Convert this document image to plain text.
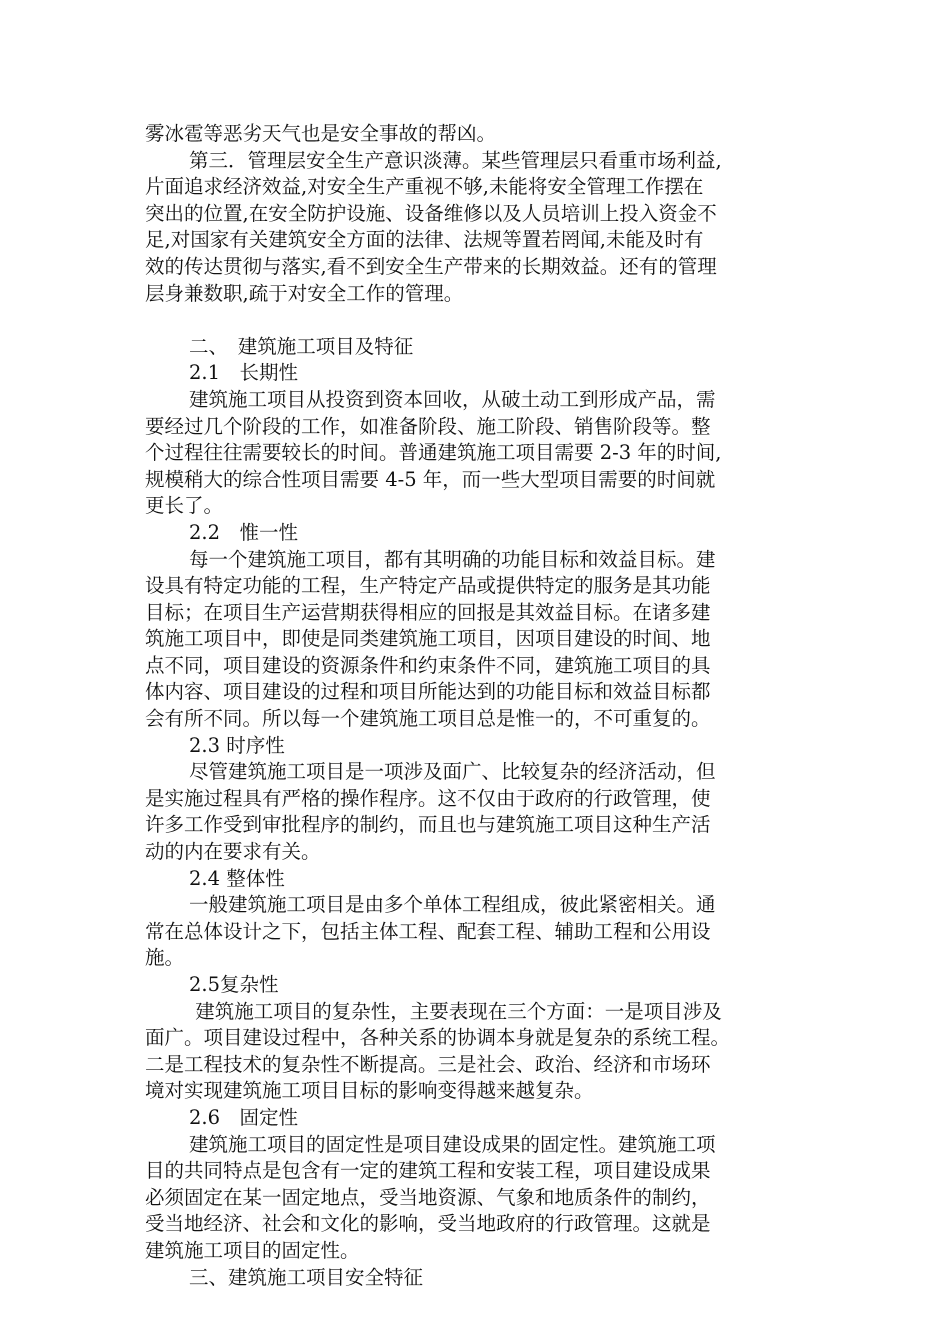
雾冰雹等恶劣天气也是安全事故的帮凶。
第三．管理层安全生产意识淡薄。某些管理层只看重市场利益,
片面追求经济效益,对安全生产重视不够,未能将安全管理工作摆在
突出的位置,在安全防护设施、设备维修以及人员培训上投入资金不
足,对国家有关建筑安全方面的法律、法规等置若罔闻,未能及时有
效的传达贯彻与落实,看不到安全生产带来的长期效益。还有的管理
层身兼数职,疏于对安全工作的管理。
二、　建筑施工项目及特征
2.1　长期性
建筑施工项目从投资到资本回收，从破土动工到形成产品，需
要经过几个阶段的工作，如准备阶段、施工阶段、销售阶段等。整
个过程往往需要较长的时间。普通建筑施工项目需要 2-3 年的时间,
规模稍大的综合性项目需要 4-5 年，而一些大型项目需要的时间就
更长了。
2.2　惟一性
每一个建筑施工项目，都有其明确的功能目标和效益目标。建
设具有特定功能的工程，生产特定产品或提供特定的服务是其功能
目标；在项目生产运营期获得相应的回报是其效益目标。在诸多建
筑施工项目中，即使是同类建筑施工项目，因项目建设的时间、地
点不同，项目建设的资源条件和约束条件不同，建筑施工项目的具
体内容、项目建设的过程和项目所能达到的功能目标和效益目标都
会有所不同。所以每一个建筑施工项目总是惟一的，不可重复的。
2.3 时序性
尽管建筑施工项目是一项涉及面广、比较复杂的经济活动，但
是实施过程具有严格的操作程序。这不仅由于政府的行政管理，使
许多工作受到审批程序的制约，而且也与建筑施工项目这种生产活
动的内在要求有关。
2.4 整体性
一般建筑施工项目是由多个单体工程组成，彼此紧密相关。通
常在总体设计之下，包括主体工程、配套工程、辅助工程和公用设
施。
2.5复杂性
建筑施工项目的复杂性，主要表现在三个方面：一是项目涉及
面广。项目建设过程中，各种关系的协调本身就是复杂的系统工程。
二是工程技术的复杂性不断提高。三是社会、政治、经济和市场环
境对实现建筑施工项目目标的影响变得越来越复杂。
2.6　固定性
建筑施工项目的固定性是项目建设成果的固定性。建筑施工项
目的共同特点是包含有一定的建筑工程和安装工程，项目建设成果
必须固定在某一固定地点，受当地资源、气象和地质条件的制约，
受当地经济、社会和文化的影响，受当地政府的行政管理。这就是
建筑施工项目的固定性。
三、建筑施工项目安全特征
